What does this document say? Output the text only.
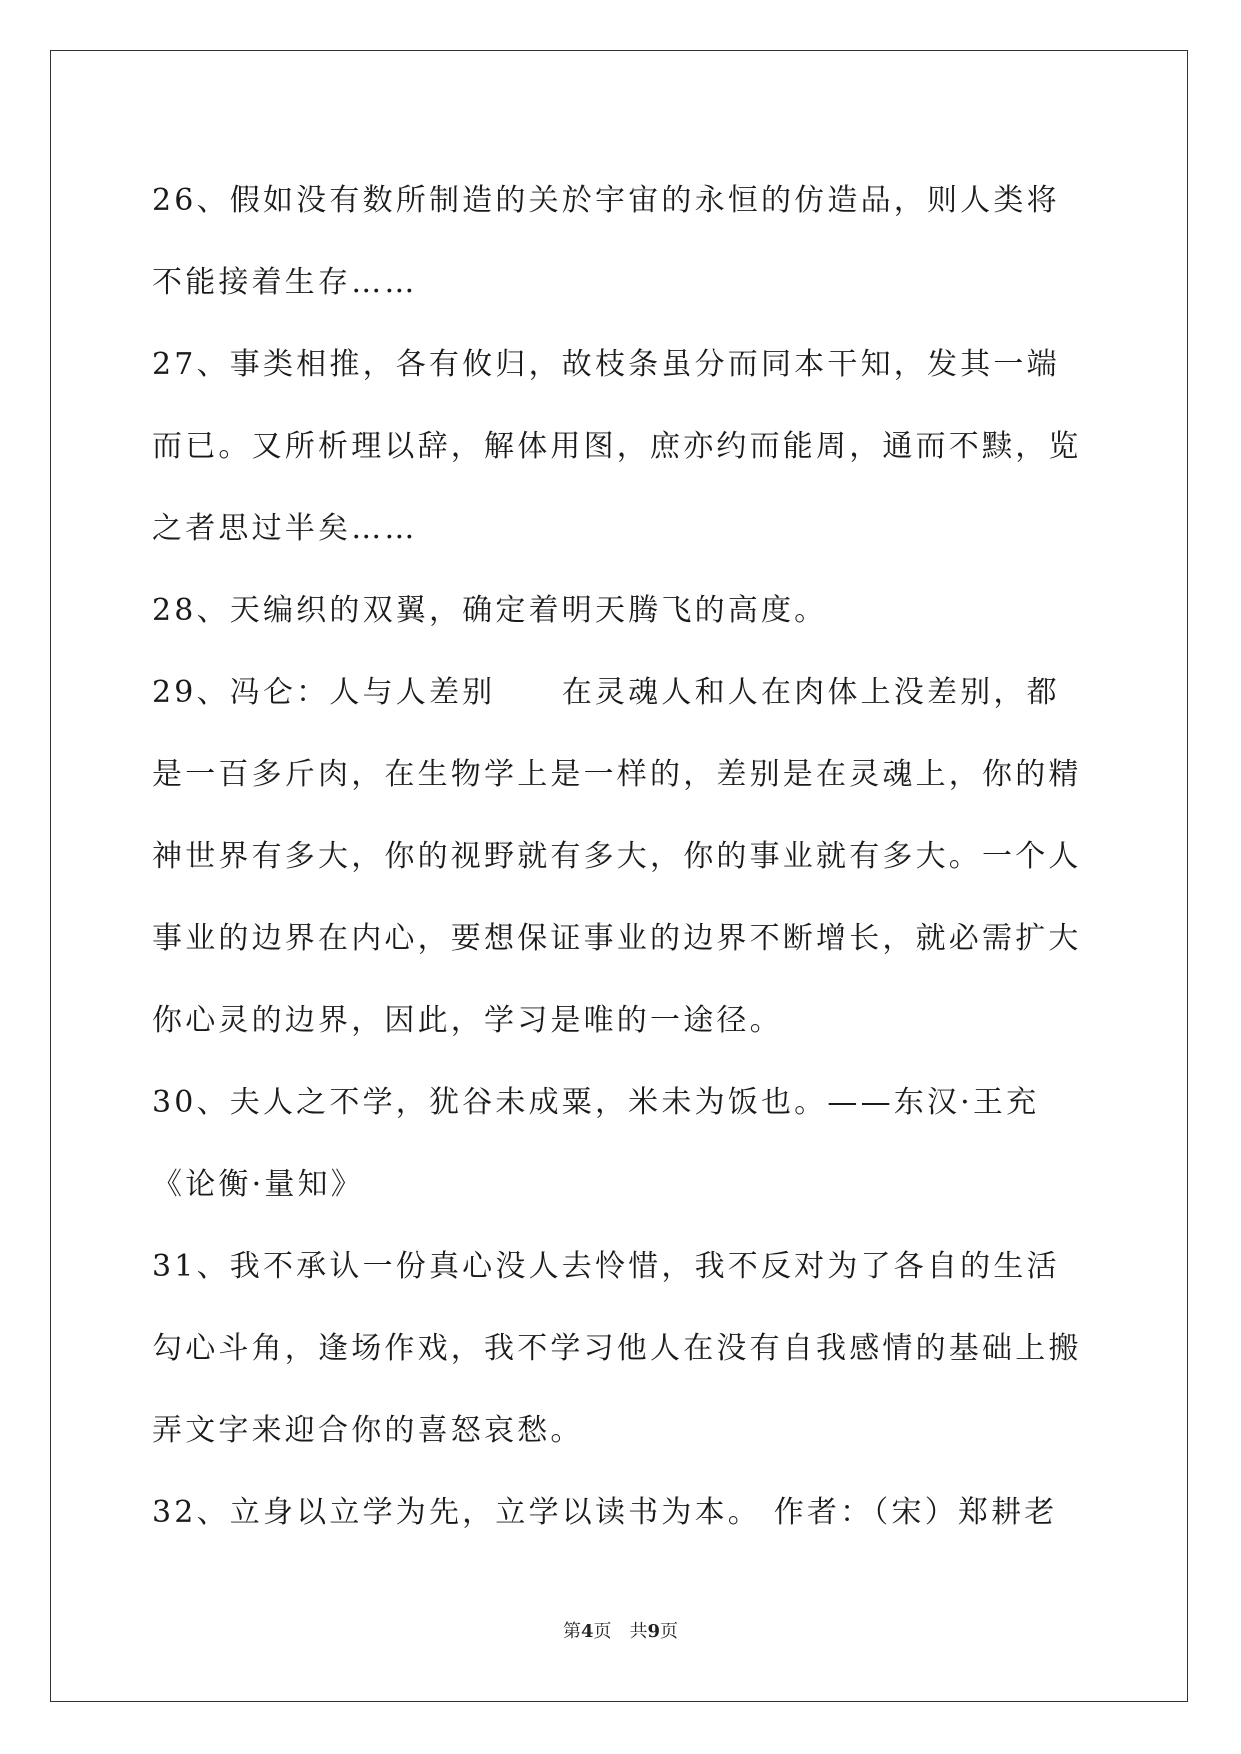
26、假如没有数所制造的关於宇宙的永恒的仿造品，则人类将不能接着生存……

27、事类相推，各有攸归，故枝条虽分而同本干知，发其一端而已。又所析理以辞，解体用图，庶亦约而能周，通而不黩，览之者思过半矣……

28、天编织的双翼，确定着明天腾飞的高度。

29、冯仑：人与人差别　　在灵魂人和人在肉体上没差别，都是一百多斤肉，在生物学上是一样的，差别是在灵魂上，你的精神世界有多大，你的视野就有多大，你的事业就有多大。一个人事业的边界在内心，要想保证事业的边界不断增长，就必需扩大你心灵的边界，因此，学习是唯的一途径。

30、夫人之不学，犹谷未成粟，米未为饭也。——东汉·王充《论衡·量知》

31、我不承认一份真心没人去怜惜，我不反对为了各自的生活勾心斗角，逢场作戏，我不学习他人在没有自我感情的基础上搬弄文字来迎合你的喜怒哀愁。

32、立身以立学为先，立学以读书为本。 作者：（宋）郑耕老

第4页　共9页
